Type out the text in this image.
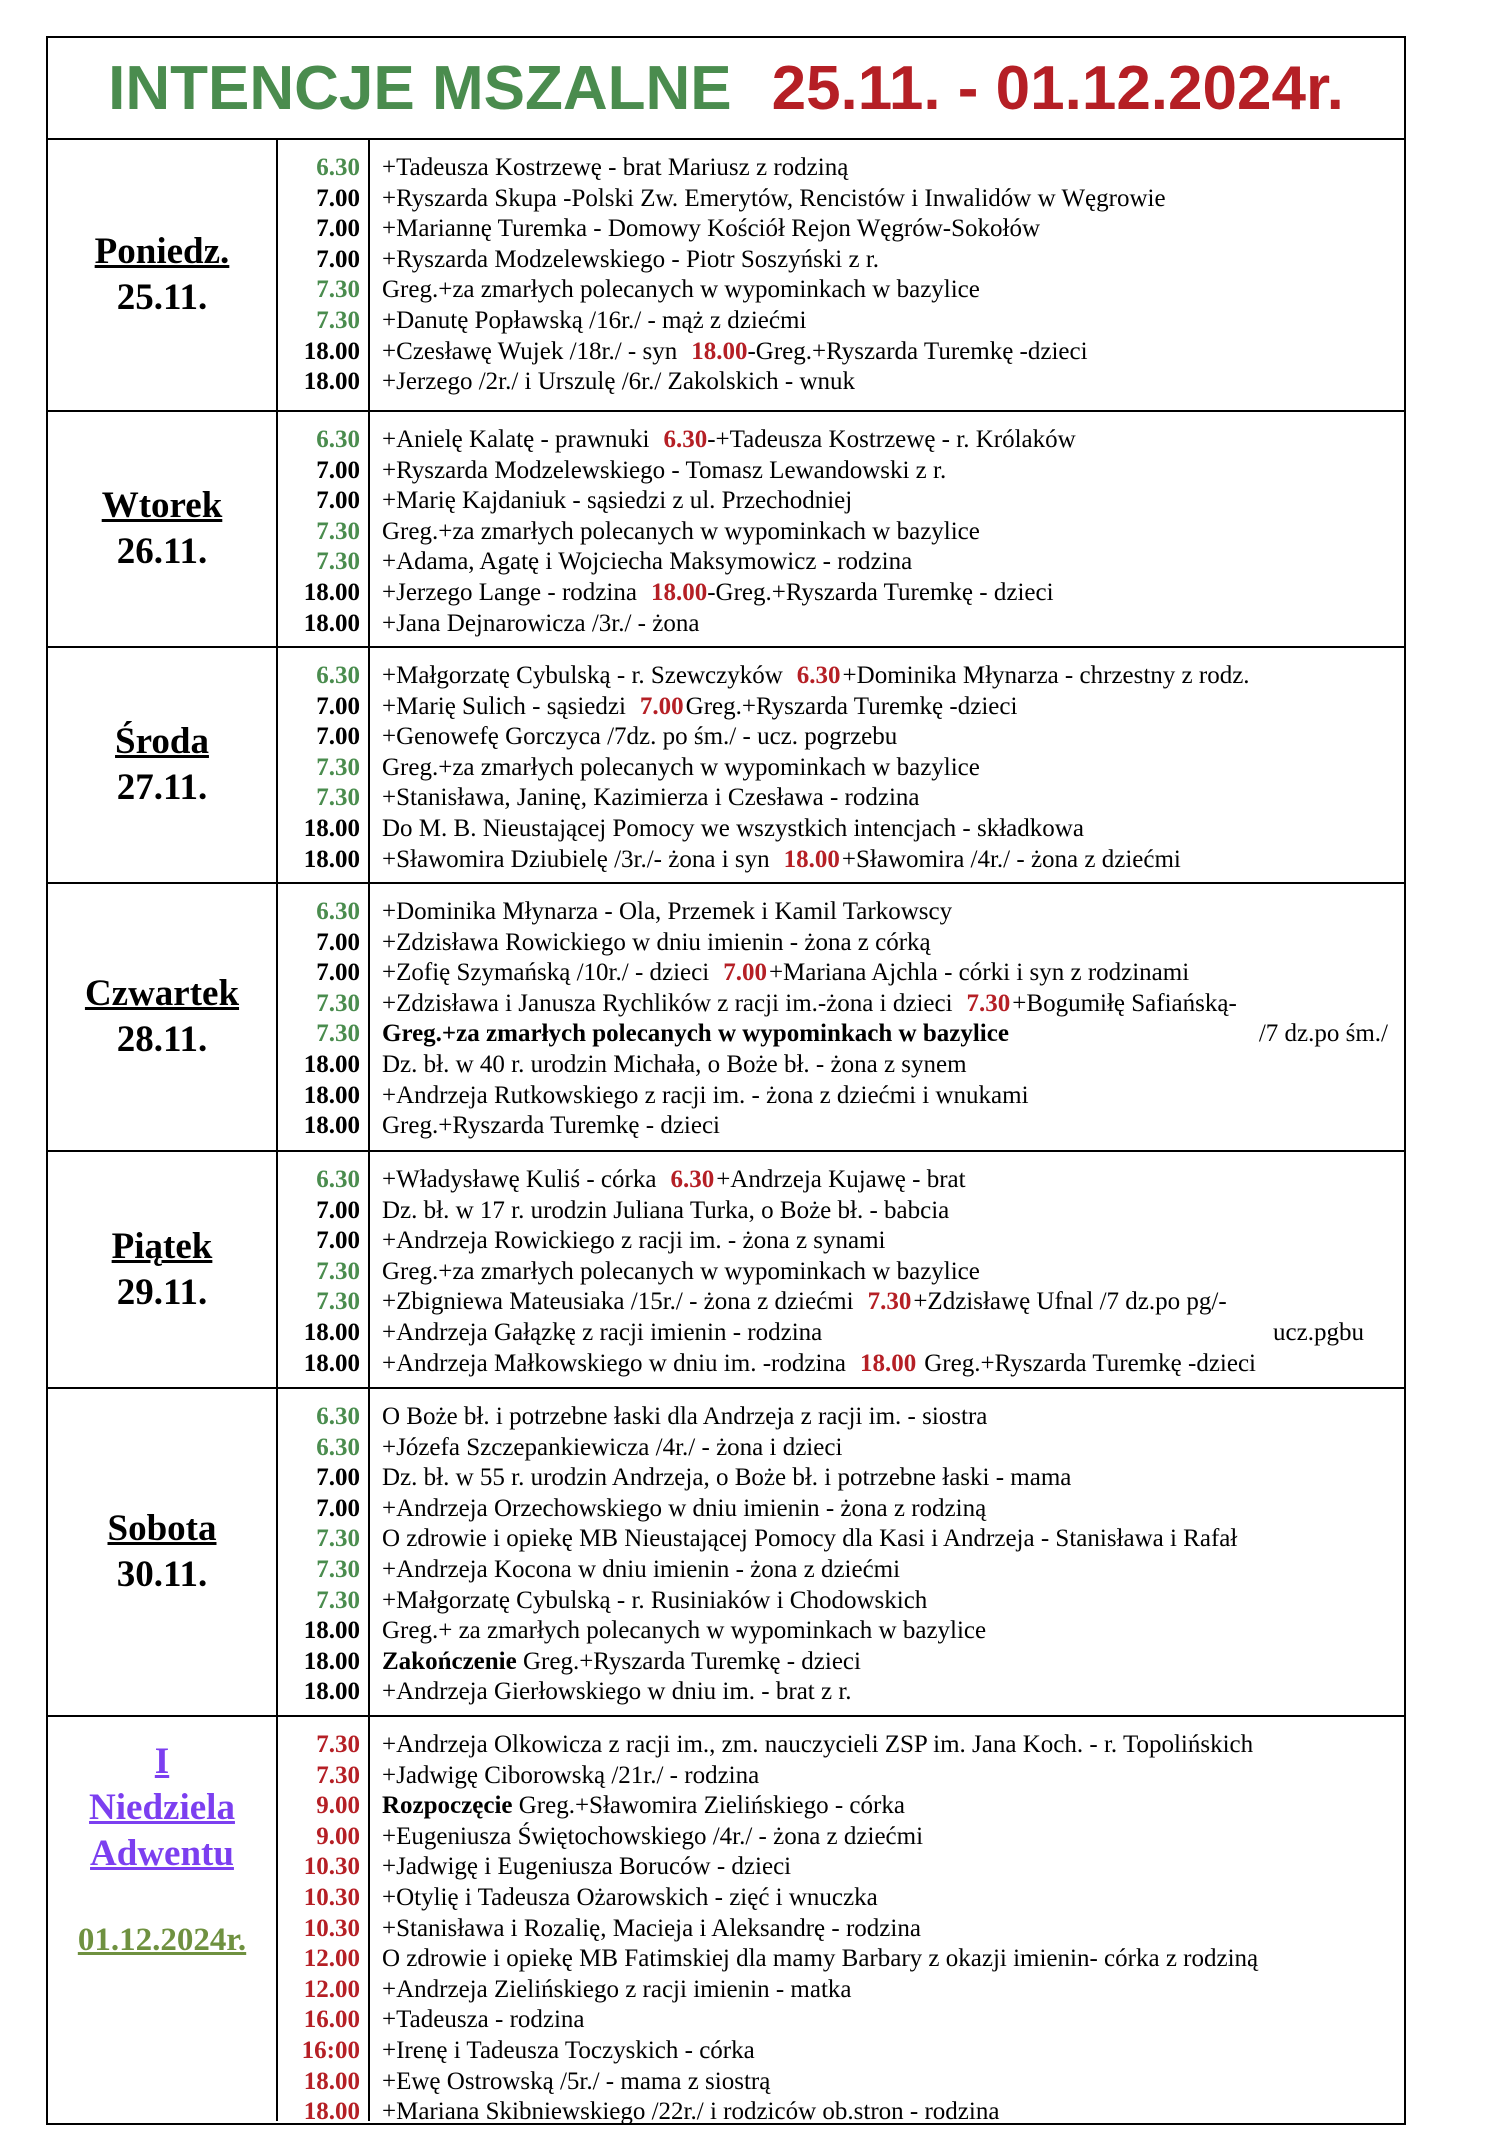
INTENCJE MSZALNE 25.11. - 01.12.2024r.
Poniedz.
25.11.
6.30
7.00
7.00
7.00
7.30
7.30
18.00
18.00
+Tadeusza Kostrzewę - brat Mariusz z rodziną
+Ryszarda Skupa -Polski Zw. Emerytów, Rencistów i Inwalidów w Węgrowie
+Mariannę Turemka - Domowy Kościół Rejon Węgrów-Sokołów
+Ryszarda Modzelewskiego - Piotr Soszyński z r.
Greg.+za zmarłych polecanych w wypominkach w bazylice
+Danutę Popławską /16r./ - mąż z dziećmi
+Czesławę Wujek /18r./ - syn 18.00-Greg.+Ryszarda Turemkę -dzieci
+Jerzego /2r./ i Urszulę /6r./ Zakolskich - wnuk
Wtorek
26.11.
6.30
7.00
7.00
7.30
7.30
18.00
18.00
+Anielę Kalatę - prawnuki 6.30-+Tadeusza Kostrzewę - r. Królaków
+Ryszarda Modzelewskiego - Tomasz Lewandowski z r.
+Marię Kajdaniuk - sąsiedzi z ul. Przechodniej
Greg.+za zmarłych polecanych w wypominkach w bazylice
+Adama, Agatę i Wojciecha Maksymowicz - rodzina
+Jerzego Lange - rodzina 18.00-Greg.+Ryszarda Turemkę - dzieci
+Jana Dejnarowicza /3r./ - żona
Środa
27.11.
6.30
7.00
7.00
7.30
7.30
18.00
18.00
+Małgorzatę Cybulską - r. Szewczyków 6.30+Dominika Młynarza - chrzestny z rodz.
+Marię Sulich - sąsiedzi 7.00Greg.+Ryszarda Turemkę -dzieci
+Genowefę Gorczyca /7dz. po śm./ - ucz. pogrzebu
Greg.+za zmarłych polecanych w wypominkach w bazylice
+Stanisława, Janinę, Kazimierza i Czesława - rodzina
Do M. B. Nieustającej Pomocy we wszystkich intencjach - składkowa
+Sławomira Dziubielę /3r./- żona i syn 18.00+Sławomira /4r./ - żona z dziećmi
Czwartek
28.11.
6.30
7.00
7.00
7.30
7.30
18.00
18.00
18.00
+Dominika Młynarza - Ola, Przemek i Kamil Tarkowscy
+Zdzisława Rowickiego w dniu imienin - żona z córką
+Zofię Szymańską /10r./ - dzieci 7.00+Mariana Ajchla - córki i syn z rodzinami
+Zdzisława i Janusza Rychlików z racji im.-żona i dzieci 7.30+Bogumiłę Safiańską-
Greg.+za zmarłych polecanych w wypominkach w bazylice	/7 dz.po śm./
Dz. bł. w 40 r. urodzin Michała, o Boże bł. - żona z synem
+Andrzeja Rutkowskiego z racji im. - żona z dziećmi i wnukami
Greg.+Ryszarda Turemkę - dzieci
Piątek
29.11.
6.30
7.00
7.00
7.30
7.30
18.00
18.00
+Władysławę Kuliś - córka 6.30+Andrzeja Kujawę - brat
Dz. bł. w 17 r. urodzin Juliana Turka, o Boże bł. - babcia
+Andrzeja Rowickiego z racji im. - żona z synami
Greg.+za zmarłych polecanych w wypominkach w bazylice
+Zbigniewa Mateusiaka /15r./ - żona z dziećmi 7.30+Zdzisławę Ufnal /7 dz.po pg/-
+Andrzeja Gałązkę z racji imienin - rodzina	ucz.pgbu
+Andrzeja Małkowskiego w dniu im. -rodzina 18.00 Greg.+Ryszarda Turemkę -dzieci
Sobota
30.11.
6.30
6.30
7.00
7.00
7.30
7.30
7.30
18.00
18.00
18.00
O Boże bł. i potrzebne łaski dla Andrzeja z racji im. - siostra
+Józefa Szczepankiewicza /4r./ - żona i dzieci
Dz. bł. w 55 r. urodzin Andrzeja, o Boże bł. i potrzebne łaski - mama
+Andrzeja Orzechowskiego w dniu imienin - żona z rodziną
O zdrowie i opiekę MB Nieustającej Pomocy dla Kasi i Andrzeja - Stanisława i Rafał
+Andrzeja Kocona w dniu imienin - żona z dziećmi
+Małgorzatę Cybulską - r. Rusiniaków i Chodowskich
Greg.+ za zmarłych polecanych w wypominkach w bazylice
Zakończenie Greg.+Ryszarda Turemkę - dzieci
+Andrzeja Gierłowskiego w dniu im. - brat z r.
I
Niedziela
Adwentu
01.12.2024r.
7.30
7.30
9.00
9.00
10.30
10.30
10.30
12.00
12.00
16.00
16:00
18.00
18.00
+Andrzeja Olkowicza z racji im., zm. nauczycieli ZSP im. Jana Koch. - r. Topolińskich
+Jadwigę Ciborowską /21r./ - rodzina
Rozpoczęcie Greg.+Sławomira Zielińskiego - córka
+Eugeniusza Świętochowskiego /4r./ - żona z dziećmi
+Jadwigę i Eugeniusza Boruców - dzieci
+Otylię i Tadeusza Ożarowskich - zięć i wnuczka
+Stanisława i Rozalię, Macieja i Aleksandrę - rodzina
O zdrowie i opiekę MB Fatimskiej dla mamy Barbary z okazji imienin- córka z rodziną
+Andrzeja Zielińskiego z racji imienin - matka
+Tadeusza - rodzina
+Irenę i Tadeusza Toczyskich - córka
+Ewę Ostrowską /5r./ - mama z siostrą
+Mariana Skibniewskiego /22r./ i rodziców ob.stron - rodzina
